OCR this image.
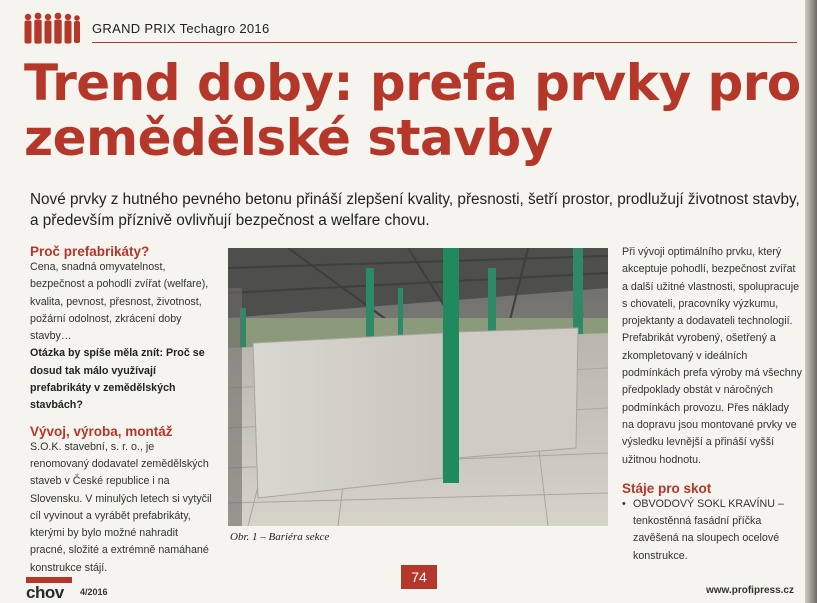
GRAND PRIX Techagro 2016
Trend doby: prefa prvky pro zemědělské stavby

Nové prvky z hutného pevného betonu přináší zlepšení kvality, přesnosti, šetří prostor, prodlužují životnost stavby, a především příznivě ovlivňují bezpečnost a welfare chovu.

Proč prefabrikáty?

Cena, snadná omyvatelnost, bezpečnost a pohodlí zvířat (welfare), kvalita, pevnost, přesnost, životnost, požární odolnost, zkrácení doby stavby…

Otázka by spíše měla znít: Proč se dosud tak málo využívají prefabrikáty v zemědělských stavbách?

Vývoj, výroba, montáž

S.O.K. stavební, s. r. o., je renomovaný dodavatel zemědělských staveb v České republice i na Slovensku. V minulých letech si vytyčil cíl vyvinout a vyrábět prefabrikáty, kterými by bylo možné nahradit pracné, složité a extrémně namáhané konstrukce stájí.

Obr. 1 – Bariéra sekce

Při vývoji optimálního prvku, který akceptuje pohodlí, bezpečnost zvířat a další užitné vlastnosti, spolupracuje s chovateli, pracovníky výzkumu, projektanty a dodavateli technologií.

Prefabrikát vyrobený, ošetřený a zkompletovaný v ideálních podmínkách prefa výroby má všechny předpoklady obstát v náročných podmínkách provozu. Přes náklady na dopravu jsou montované prvky ve výsledku levnější a přináší vyšší užitnou hodnotu.

Stáje pro skot

• OBVODOVÝ SOKL KRAVÍNU – tenkostěnná fasádní příčka zavěšená na sloupech ocelové konstrukce.

chov 4/2016
74
www.profipress.cz
